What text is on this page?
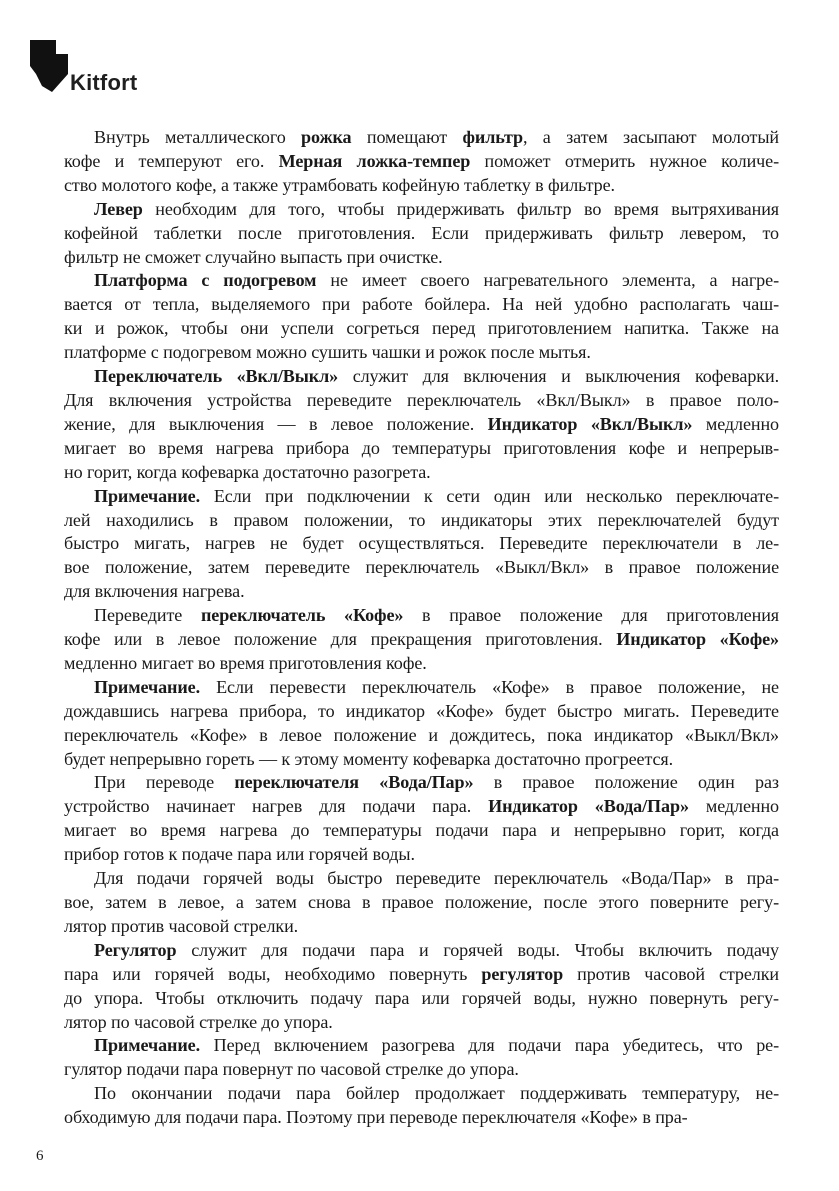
Kitfort

Внутрь металлического рожка помещают фильтр, а затем засыпают молотый
кофе и темперуют его. Мерная ложка-темпер поможет отмерить нужное количе-
ство молотого кофе, а также утрамбовать кофейную таблетку в фильтре.

Левер необходим для того, чтобы придерживать фильтр во время вытряхивания
кофейной таблетки после приготовления. Если придерживать фильтр левером, то
фильтр не сможет случайно выпасть при очистке.

Платформа с подогревом не имеет своего нагревательного элемента, а нагре-
вается от тепла, выделяемого при работе бойлера. На ней удобно располагать чаш-
ки и рожок, чтобы они успели согреться перед приготовлением напитка. Также на
платформе с подогревом можно сушить чашки и рожок после мытья.

Переключатель «Вкл/Выкл» служит для включения и выключения кофеварки.
Для включения устройства переведите переключатель «Вкл/Выкл» в правое поло-
жение, для выключения — в левое положение. Индикатор «Вкл/Выкл» медленно
мигает во время нагрева прибора до температуры приготовления кофе и непрерыв-
но горит, когда кофеварка достаточно разогрета.

Примечание. Если при подключении к сети один или несколько переключате-
лей находились в правом положении, то индикаторы этих переключателей будут
быстро мигать, нагрев не будет осуществляться. Переведите переключатели в ле-
вое положение, затем переведите переключатель «Выкл/Вкл» в правое положение
для включения нагрева.

Переведите переключатель «Кофе» в правое положение для приготовления
кофе или в левое положение для прекращения приготовления. Индикатор «Кофе»
медленно мигает во время приготовления кофе.

Примечание. Если перевести переключатель «Кофе» в правое положение, не
дождавшись нагрева прибора, то индикатор «Кофе» будет быстро мигать. Переведите
переключатель «Кофе» в левое положение и дождитесь, пока индикатор «Выкл/Вкл»
будет непрерывно гореть — к этому моменту кофеварка достаточно прогреется.

При переводе переключателя «Вода/Пар» в правое положение один раз
устройство начинает нагрев для подачи пара. Индикатор «Вода/Пар» медленно
мигает во время нагрева до температуры подачи пара и непрерывно горит, когда
прибор готов к подаче пара или горячей воды.

Для подачи горячей воды быстро переведите переключатель «Вода/Пар» в пра-
вое, затем в левое, а затем снова в правое положение, после этого поверните регу-
лятор против часовой стрелки.

Регулятор служит для подачи пара и горячей воды. Чтобы включить подачу
пара или горячей воды, необходимо повернуть регулятор против часовой стрелки
до упора. Чтобы отключить подачу пара или горячей воды, нужно повернуть регу-
лятор по часовой стрелке до упора.

Примечание. Перед включением разогрева для подачи пара убедитесь, что ре-
гулятор подачи пара повернут по часовой стрелке до упора.

По окончании подачи пара бойлер продолжает поддерживать температуру, не-
обходимую для подачи пара. Поэтому при переводе переключателя «Кофе» в пра-

6
